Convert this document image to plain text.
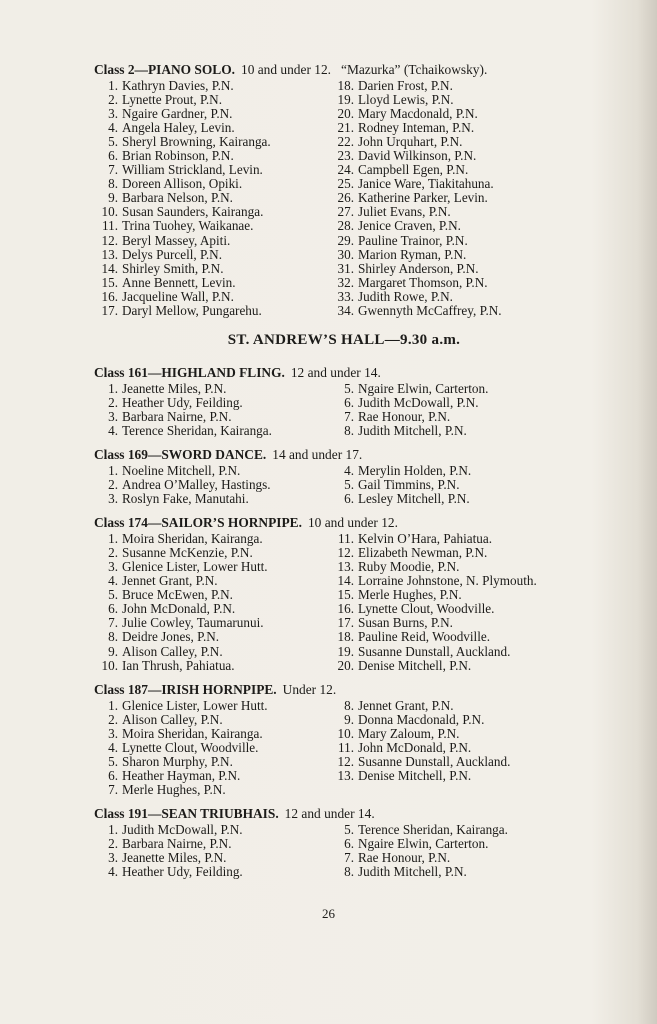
Class 2—PIANO SOLO. 10 and under 12. “Mazurka” (Tchaikowsky).
1. Kathryn Davies, P.N.
2. Lynette Prout, P.N.
3. Ngaire Gardner, P.N.
4. Angela Haley, Levin.
5. Sheryl Browning, Kairanga.
6. Brian Robinson, P.N.
7. William Strickland, Levin.
8. Doreen Allison, Opiki.
9. Barbara Nelson, P.N.
10. Susan Saunders, Kairanga.
11. Trina Tuohey, Waikanae.
12. Beryl Massey, Apiti.
13. Delys Purcell, P.N.
14. Shirley Smith, P.N.
15. Anne Bennett, Levin.
16. Jacqueline Wall, P.N.
17. Daryl Mellow, Pungarehu.
18. Darien Frost, P.N.
19. Lloyd Lewis, P.N.
20. Mary Macdonald, P.N.
21. Rodney Inteman, P.N.
22. John Urquhart, P.N.
23. David Wilkinson, P.N.
24. Campbell Egen, P.N.
25. Janice Ware, Tiakitahuna.
26. Katherine Parker, Levin.
27. Juliet Evans, P.N.
28. Jenice Craven, P.N.
29. Pauline Trainor, P.N.
30. Marion Ryman, P.N.
31. Shirley Anderson, P.N.
32. Margaret Thomson, P.N.
33. Judith Rowe, P.N.
34. Gwennyth McCaffrey, P.N.
ST. ANDREW’S HALL—9.30 a.m.
Class 161—HIGHLAND FLING. 12 and under 14.
1. Jeanette Miles, P.N.
2. Heather Udy, Feilding.
3. Barbara Nairne, P.N.
4. Terence Sheridan, Kairanga.
5. Ngaire Elwin, Carterton.
6. Judith McDowall, P.N.
7. Rae Honour, P.N.
8. Judith Mitchell, P.N.
Class 169—SWORD DANCE. 14 and under 17.
1. Noeline Mitchell, P.N.
2. Andrea O’Malley, Hastings.
3. Roslyn Fake, Manutahi.
4. Merylin Holden, P.N.
5. Gail Timmins, P.N.
6. Lesley Mitchell, P.N.
Class 174—SAILOR’S HORNPIPE. 10 and under 12.
1. Moira Sheridan, Kairanga.
2. Susanne McKenzie, P.N.
3. Glenice Lister, Lower Hutt.
4. Jennet Grant, P.N.
5. Bruce McEwen, P.N.
6. John McDonald, P.N.
7. Julie Cowley, Taumarunui.
8. Deidre Jones, P.N.
9. Alison Calley, P.N.
10. Ian Thrush, Pahiatua.
11. Kelvin O’Hara, Pahiatua.
12. Elizabeth Newman, P.N.
13. Ruby Moodie, P.N.
14. Lorraine Johnstone, N. Plymouth.
15. Merle Hughes, P.N.
16. Lynette Clout, Woodville.
17. Susan Burns, P.N.
18. Pauline Reid, Woodville.
19. Susanne Dunstall, Auckland.
20. Denise Mitchell, P.N.
Class 187—IRISH HORNPIPE. Under 12.
1. Glenice Lister, Lower Hutt.
2. Alison Calley, P.N.
3. Moira Sheridan, Kairanga.
4. Lynette Clout, Woodville.
5. Sharon Murphy, P.N.
6. Heather Hayman, P.N.
7. Merle Hughes, P.N.
8. Jennet Grant, P.N.
9. Donna Macdonald, P.N.
10. Mary Zaloum, P.N.
11. John McDonald, P.N.
12. Susanne Dunstall, Auckland.
13. Denise Mitchell, P.N.
Class 191—SEAN TRIUBHAIS. 12 and under 14.
1. Judith McDowall, P.N.
2. Barbara Nairne, P.N.
3. Jeanette Miles, P.N.
4. Heather Udy, Feilding.
5. Terence Sheridan, Kairanga.
6. Ngaire Elwin, Carterton.
7. Rae Honour, P.N.
8. Judith Mitchell, P.N.
26
